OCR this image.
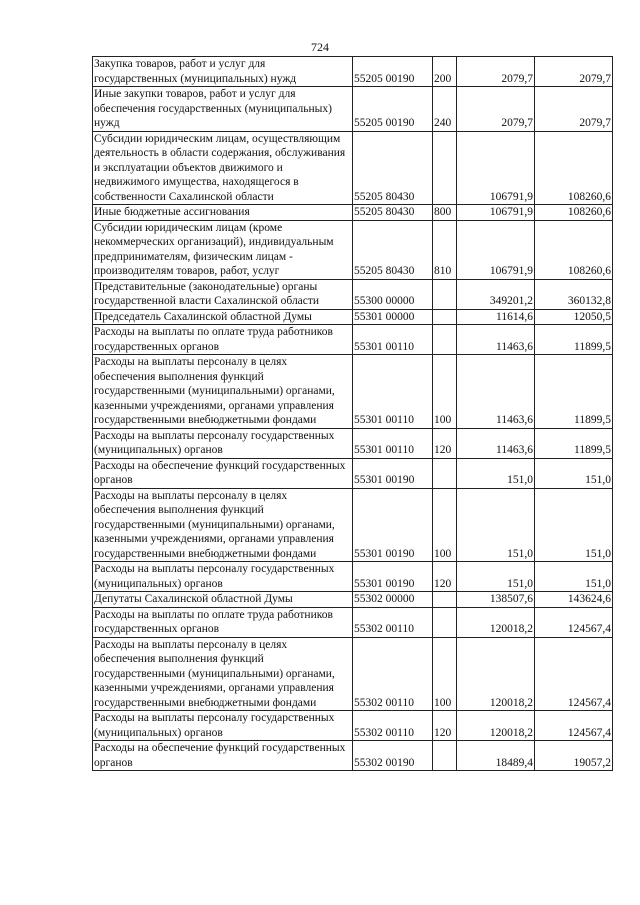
724
Закупка товаров, работ и услуг для государственных (муниципальных) нужд	55205 00190	200	2079,7	2079,7
Иные закупки товаров, работ и услуг для обеспечения государственных (муниципальных) нужд	55205 00190	240	2079,7	2079,7
Субсидии юридическим лицам, осуществляющим деятельность в области содержания, обслуживания и эксплуатации объектов движимого и недвижимого имущества, находящегося в собственности Сахалинской области	55205 80430		106791,9	108260,6
Иные бюджетные ассигнования	55205 80430	800	106791,9	108260,6
Субсидии юридическим лицам (кроме некоммерческих организаций), индивидуальным предпринимателям, физическим лицам - производителям товаров, работ, услуг	55205 80430	810	106791,9	108260,6
Представительные (законодательные) органы государственной власти Сахалинской области	55300 00000		349201,2	360132,8
Председатель Сахалинской областной Думы	55301 00000		11614,6	12050,5
Расходы на выплаты по оплате труда работников государственных органов	55301 00110		11463,6	11899,5
Расходы на выплаты персоналу в целях обеспечения выполнения функций государственными (муниципальными) органами, казенными учреждениями, органами управления государственными внебюджетными фондами	55301 00110	100	11463,6	11899,5
Расходы на выплаты персоналу государственных (муниципальных) органов	55301 00110	120	11463,6	11899,5
Расходы на обеспечение функций государственных органов	55301 00190		151,0	151,0
Расходы на выплаты персоналу в целях обеспечения выполнения функций государственными (муниципальными) органами, казенными учреждениями, органами управления государственными внебюджетными фондами	55301 00190	100	151,0	151,0
Расходы на выплаты персоналу государственных (муниципальных) органов	55301 00190	120	151,0	151,0
Депутаты Сахалинской областной Думы	55302 00000		138507,6	143624,6
Расходы на выплаты по оплате труда работников государственных органов	55302 00110		120018,2	124567,4
Расходы на выплаты персоналу в целях обеспечения выполнения функций государственными (муниципальными) органами, казенными учреждениями, органами управления государственными внебюджетными фондами	55302 00110	100	120018,2	124567,4
Расходы на выплаты персоналу государственных (муниципальных) органов	55302 00110	120	120018,2	124567,4
Расходы на обеспечение функций государственных органов	55302 00190		18489,4	19057,2
